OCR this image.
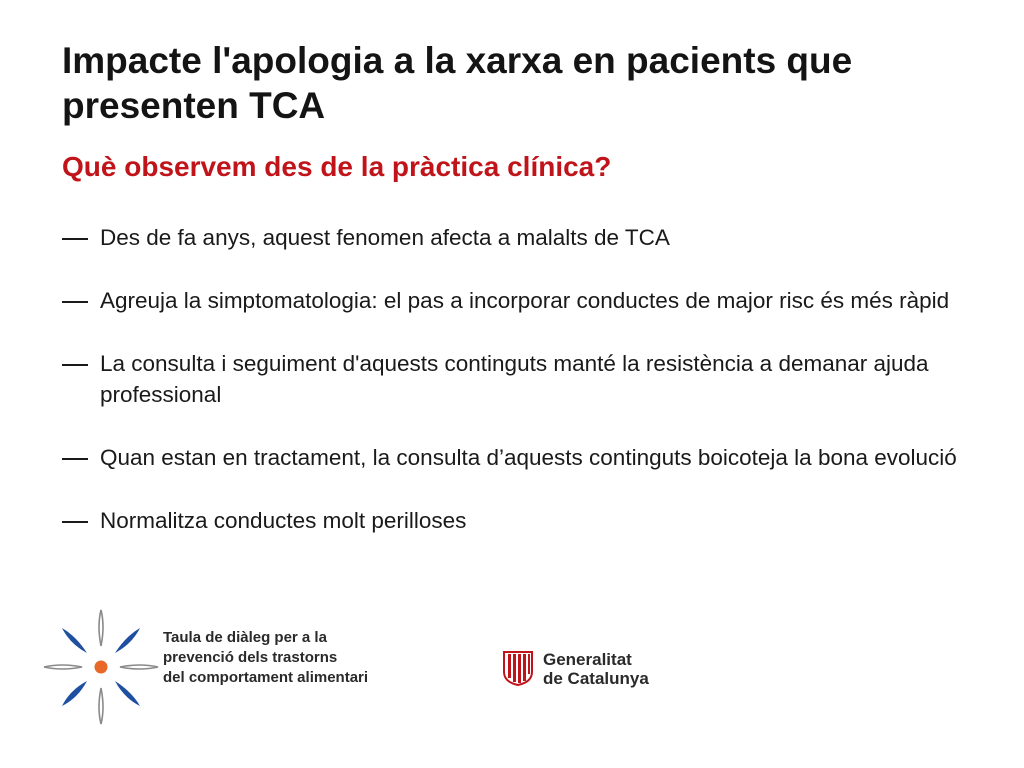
Impacte l'apologia a la xarxa en pacients que presenten TCA
Què observem des de la pràctica clínica?
Des de fa anys, aquest fenomen afecta a malalts de TCA
Agreuja la simptomatologia: el pas a incorporar conductes de major risc és més ràpid
La consulta i seguiment d'aquests continguts manté la resistència a demanar ajuda professional
Quan estan en tractament, la consulta d’aquests continguts boicoteja la bona evolució
Normalitza conductes molt perilloses

Taula de diàleg per a la
prevenció dels trastorns
del comportament alimentari

Generalitat
de Catalunya
